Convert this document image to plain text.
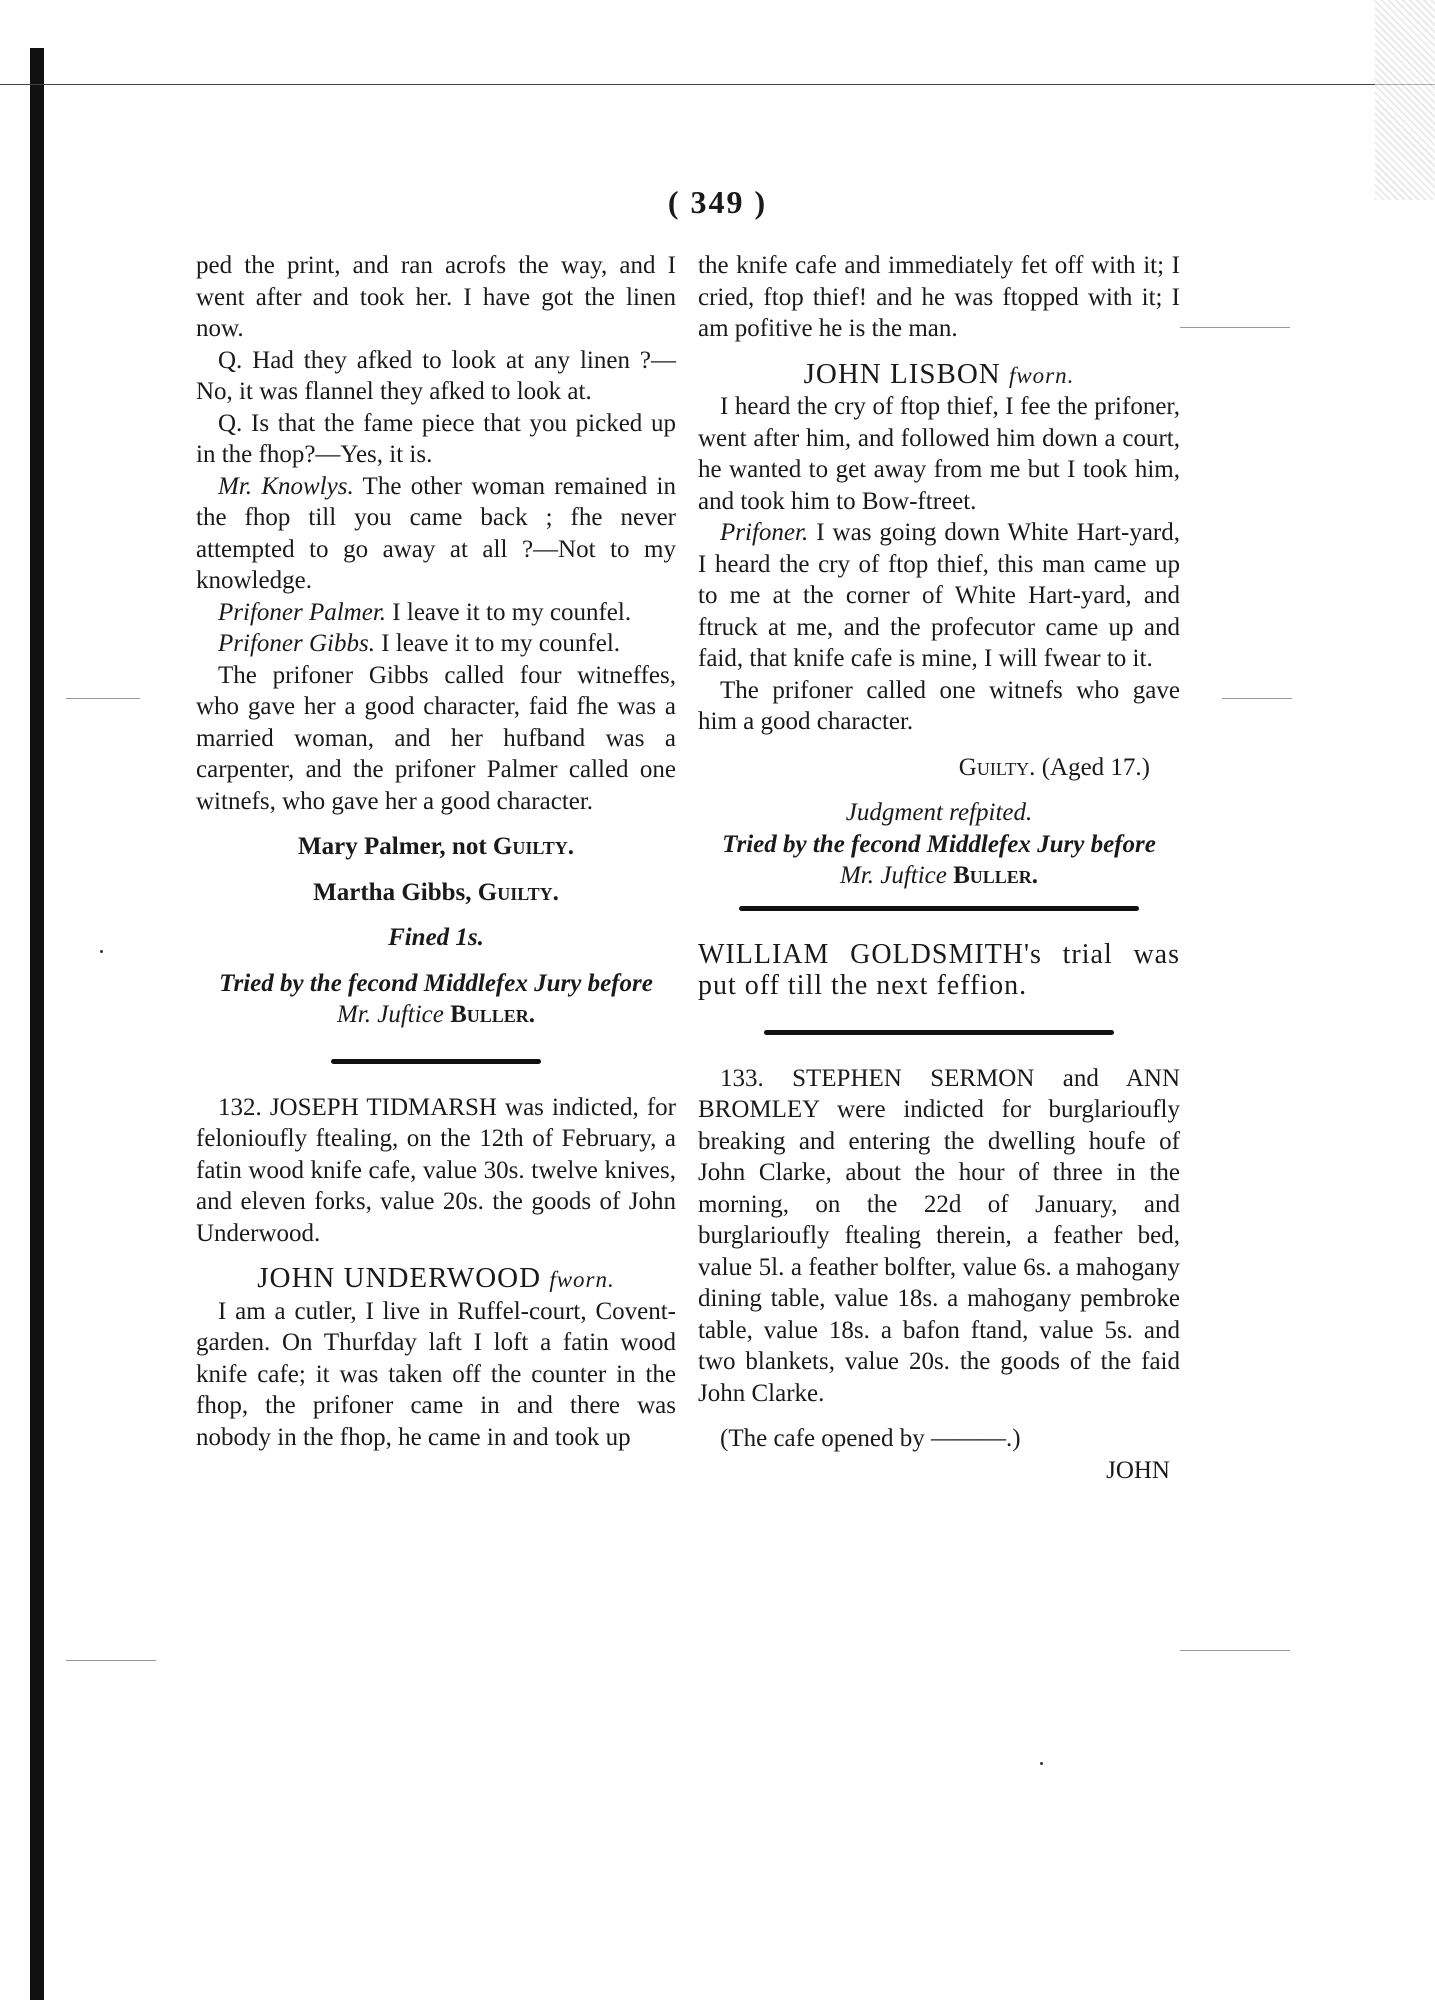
( 349 )

ped the print, and ran acrofs the way, and I went after and took her. I have got the linen now.

Q. Had they afked to look at any linen ?—No, it was flannel they afked to look at.

Q. Is that the fame piece that you picked up in the fhop?—Yes, it is.

Mr. Knowlys. The other woman remained in the fhop till you came back ; fhe never attempted to go away at all ?—Not to my knowledge.

Prifoner Palmer. I leave it to my counfel.

Prifoner Gibbs. I leave it to my counfel.

The prifoner Gibbs called four witneffes, who gave her a good character, faid fhe was a married woman, and her hufband was a carpenter, and the prifoner Palmer called one witnefs, who gave her a good character.

Mary Palmer, not Guilty.

Martha Gibbs, Guilty.

Fined 1s.

Tried by the fecond Middlefex Jury before

Mr. Juftice Buller.

132. JOSEPH TIDMARSH was indicted, for felonioufly ftealing, on the 12th of February, a fatin wood knife cafe, value 30s. twelve knives, and eleven forks, value 20s. the goods of John Underwood.

JOHN UNDERWOOD fworn.

I am a cutler, I live in Ruffel-court, Covent-garden. On Thurfday laft I loft a fatin wood knife cafe; it was taken off the counter in the fhop, the prifoner came in and there was nobody in the fhop, he came in and took up

the knife cafe and immediately fet off with it; I cried, ftop thief! and he was ftopped with it; I am pofitive he is the man.

JOHN LISBON fworn.

I heard the cry of ftop thief, I fee the prifoner, went after him, and followed him down a court, he wanted to get away from me but I took him, and took him to Bow-ftreet.

Prifoner. I was going down White Hart-yard, I heard the cry of ftop thief, this man came up to me at the corner of White Hart-yard, and ftruck at me, and the profecutor came up and faid, that knife cafe is mine, I will fwear to it.

The prifoner called one witnefs who gave him a good character.

Guilty. (Aged 17.)

Judgment refpited.

Tried by the fecond Middlefex Jury before

Mr. Juftice Buller.

WILLIAM GOLDSMITH's trial was put off till the next feffion.

133. STEPHEN SERMON and ANN BROMLEY were indicted for burglarioufly breaking and entering the dwelling houfe of John Clarke, about the hour of three in the morning, on the 22d of January, and burglarioufly ftealing therein, a feather bed, value 5l. a feather bolfter, value 6s. a mahogany dining table, value 18s. a mahogany pembroke table, value 18s. a bafon ftand, value 5s. and two blankets, value 20s. the goods of the faid John Clarke.

(The cafe opened by ———.)

JOHN
